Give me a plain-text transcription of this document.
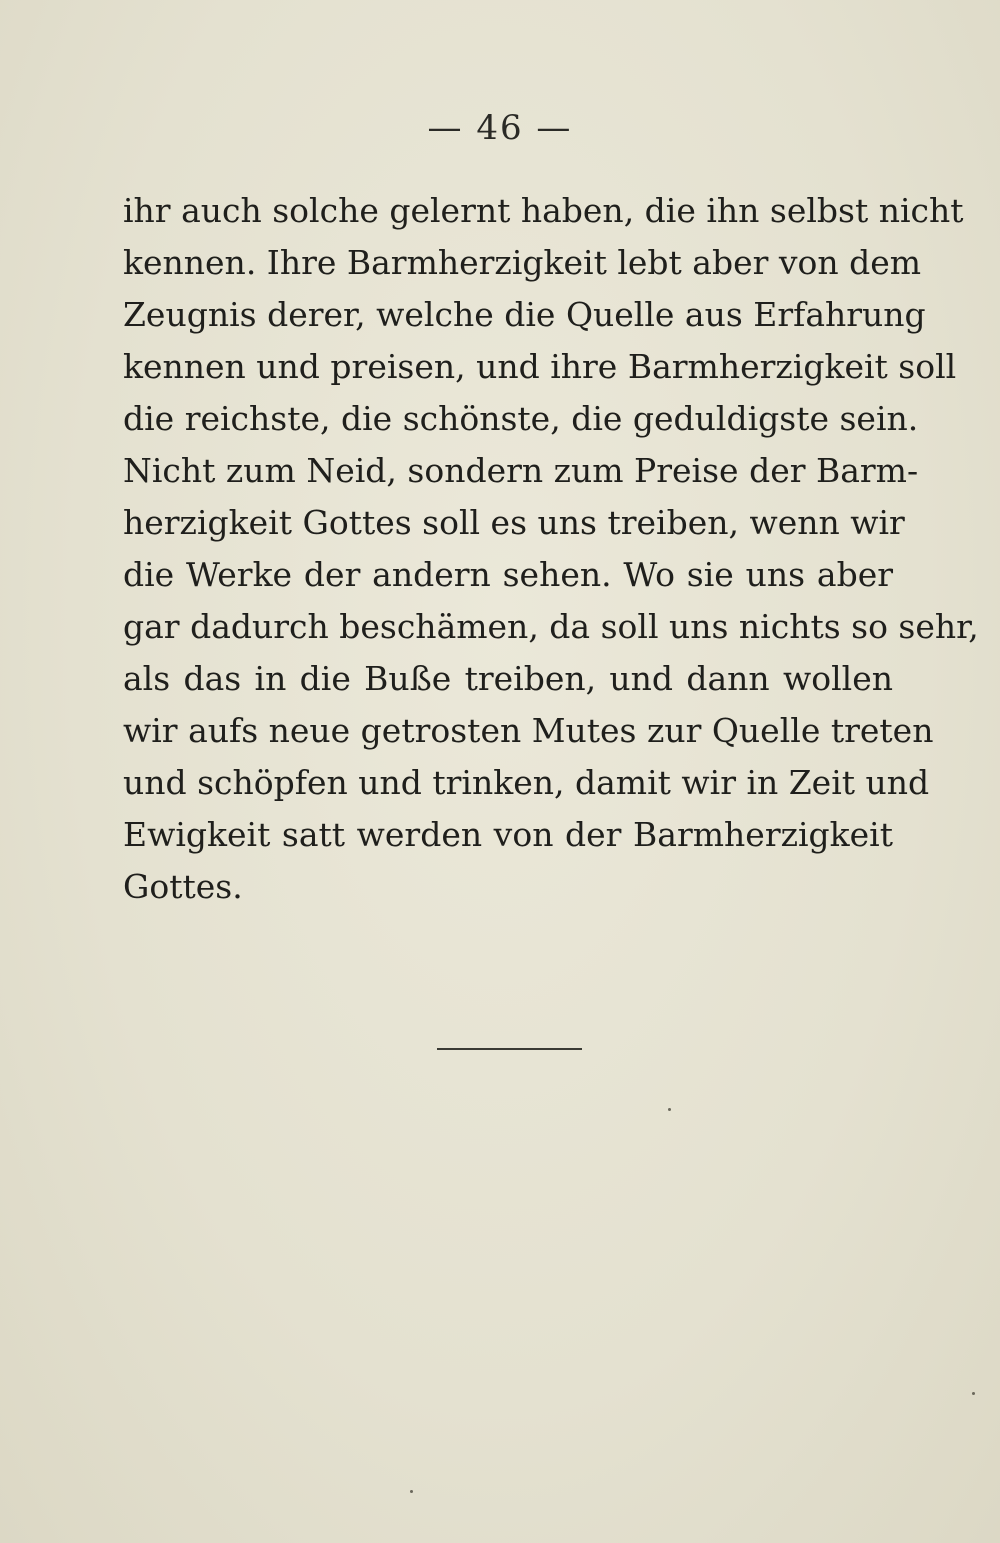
— 46 —
ihr auch solche gelernt haben, die ihn selbst nicht
kennen. Ihre Barmherzigkeit lebt aber von dem
Zeugnis derer, welche die Quelle aus Erfahrung
kennen und preisen, und ihre Barmherzigkeit soll
die reichste, die schönste, die geduldigste sein.
Nicht zum Neid, sondern zum Preise der Barm-
herzigkeit Gottes soll es uns treiben, wenn wir
die Werke der andern sehen. Wo sie uns aber
gar dadurch beschämen, da soll uns nichts so sehr,
als das in die Buße treiben, und dann wollen
wir aufs neue getrosten Mutes zur Quelle treten
und schöpfen und trinken, damit wir in Zeit und
Ewigkeit satt werden von der Barmherzigkeit
Gottes.
